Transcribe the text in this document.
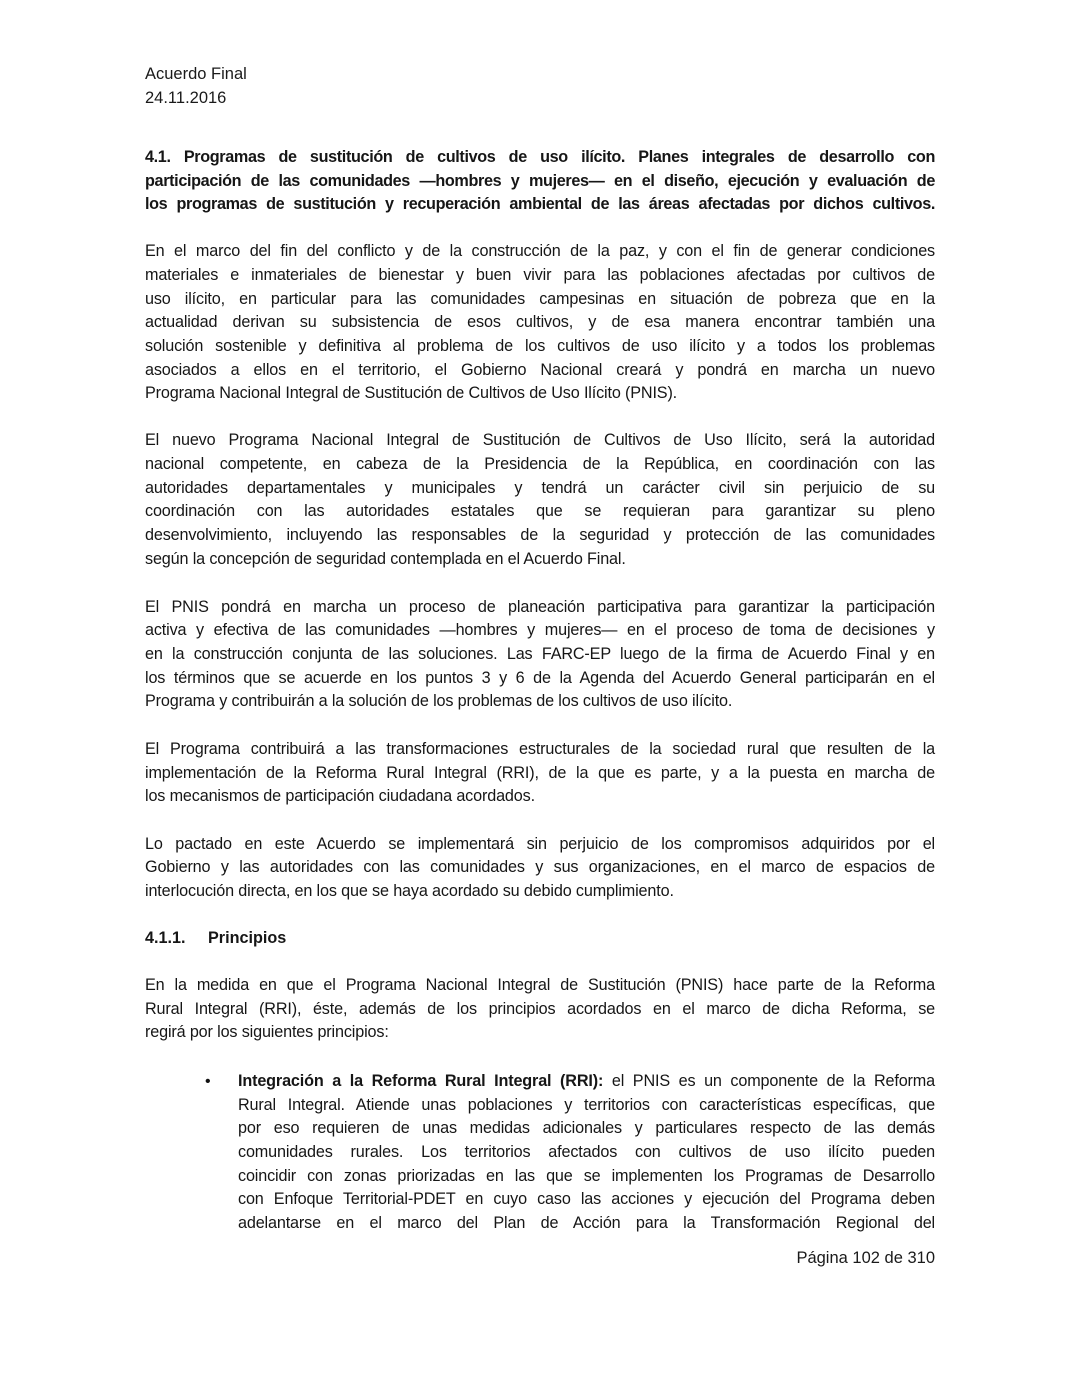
Acuerdo Final
24.11.2016
4.1. Programas de sustitución de cultivos de uso ilícito. Planes integrales de desarrollo con
participación de las comunidades —hombres y mujeres— en el diseño, ejecución y evaluación de
los programas de sustitución y recuperación ambiental de las áreas afectadas por dichos cultivos.
En el marco del fin del conflicto y de la construcción de la paz, y con el fin de generar condiciones
materiales e inmateriales de bienestar y buen vivir para las poblaciones afectadas por cultivos de
uso ilícito, en particular para las comunidades campesinas en situación de pobreza que en la
actualidad derivan su subsistencia de esos cultivos, y de esa manera encontrar también una
solución sostenible y definitiva al problema de los cultivos de uso ilícito y a todos los problemas
asociados a ellos en el territorio, el Gobierno Nacional creará y pondrá en marcha un nuevo
Programa Nacional Integral de Sustitución de Cultivos de Uso Ilícito (PNIS).
El nuevo Programa Nacional Integral de Sustitución de Cultivos de Uso Ilícito, será la autoridad
nacional competente, en cabeza de la Presidencia de la República, en coordinación con las
autoridades departamentales y municipales y tendrá un carácter civil sin perjuicio de su
coordinación con las autoridades estatales que se requieran para garantizar su pleno
desenvolvimiento, incluyendo las responsables de la seguridad y protección de las comunidades
según la concepción de seguridad contemplada en el Acuerdo Final.
El PNIS pondrá en marcha un proceso de planeación participativa para garantizar la participación
activa y efectiva de las comunidades —hombres y mujeres— en el proceso de toma de decisiones y
en la construcción conjunta de las soluciones. Las FARC-EP luego de la firma de Acuerdo Final y en
los términos que se acuerde en los puntos 3 y 6 de la Agenda del Acuerdo General participarán en el
Programa y contribuirán a la solución de los problemas de los cultivos de uso ilícito.
El Programa contribuirá a las transformaciones estructurales de la sociedad rural que resulten de la
implementación de la Reforma Rural Integral (RRI), de la que es parte, y a la puesta en marcha de
los mecanismos de participación ciudadana acordados.
Lo pactado en este Acuerdo se implementará sin perjuicio de los compromisos adquiridos por el
Gobierno y las autoridades con las comunidades y sus organizaciones, en el marco de espacios de
interlocución directa, en los que se haya acordado su debido cumplimiento.
4.1.1. Principios
En la medida en que el Programa Nacional Integral de Sustitución (PNIS) hace parte de la Reforma
Rural Integral (RRI), éste, además de los principios acordados en el marco de dicha Reforma, se
regirá por los siguientes principios:
• Integración a la Reforma Rural Integral (RRI): el PNIS es un componente de la Reforma
Rural Integral. Atiende unas poblaciones y territorios con características específicas, que
por eso requieren de unas medidas adicionales y particulares respecto de las demás
comunidades rurales. Los territorios afectados con cultivos de uso ilícito pueden
coincidir con zonas priorizadas en las que se implementen los Programas de Desarrollo
con Enfoque Territorial-PDET en cuyo caso las acciones y ejecución del Programa deben
adelantarse en el marco del Plan de Acción para la Transformación Regional del
Página 102 de 310
